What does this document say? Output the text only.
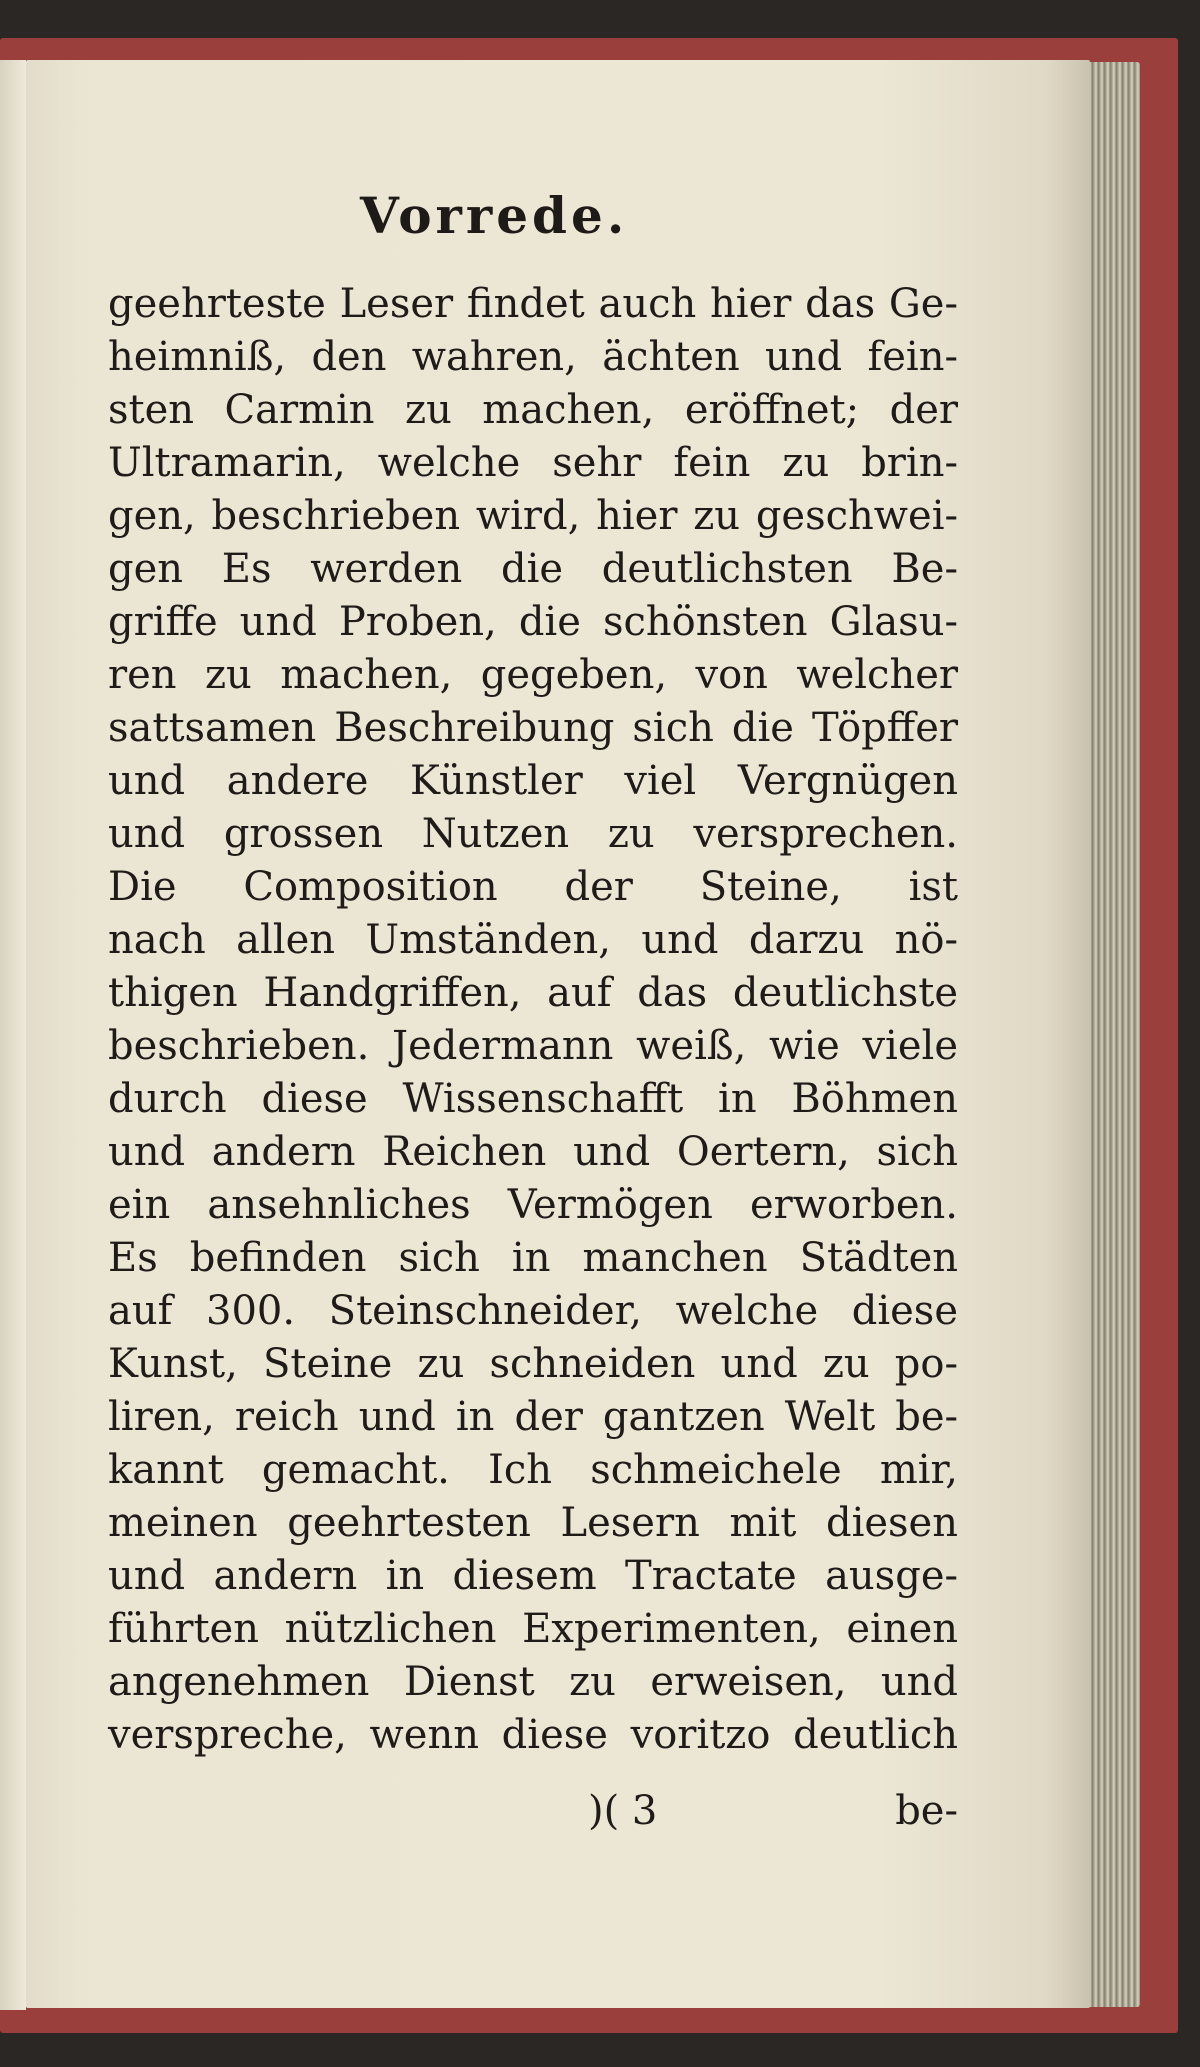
Vorrede.
geehrteste Leser findet auch hier das Ge-
heimniß, den wahren, ächten und fein-
sten Carmin zu machen, eröffnet; der
Ultramarin, welche sehr fein zu brin-
gen, beschrieben wird, hier zu geschwei-
gen Es werden die deutlichsten Be-
griffe und Proben, die schönsten Glasu-
ren zu machen, gegeben, von welcher
sattsamen Beschreibung sich die Töpffer
und andere Künstler viel Vergnügen
und grossen Nutzen zu versprechen.
Die Composition der Steine, ist
nach allen Umständen, und darzu nö-
thigen Handgriffen, auf das deutlichste
beschrieben. Jedermann weiß, wie viele
durch diese Wissenschafft in Böhmen
und andern Reichen und Oertern, sich
ein ansehnliches Vermögen erworben.
Es befinden sich in manchen Städten
auf 300. Steinschneider, welche diese
Kunst, Steine zu schneiden und zu po-
liren, reich und in der gantzen Welt be-
kannt gemacht. Ich schmeichele mir,
meinen geehrtesten Lesern mit diesen
und andern in diesem Tractate ausge-
führten nützlichen Experimenten, einen
angenehmen Dienst zu erweisen, und
verspreche, wenn diese voritzo deutlich
)( 3	be-
